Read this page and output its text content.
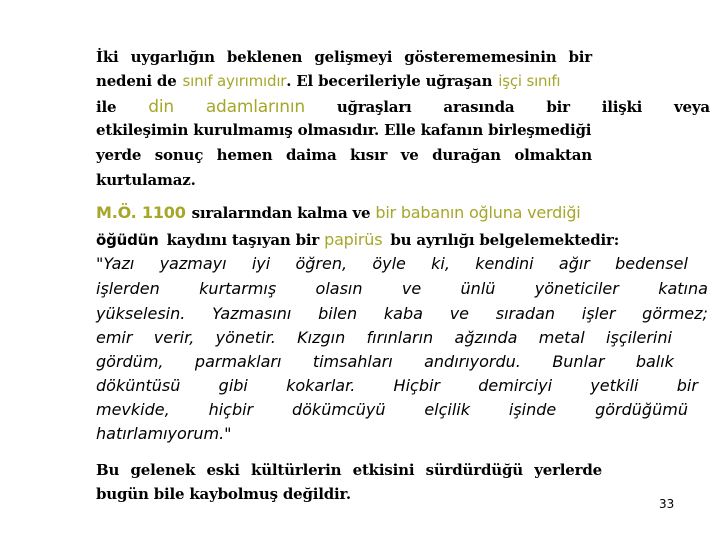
İki uygarlığın beklenen gelişmeyi gösterememesinin bir
nedeni de sınıf ayırımıdır . El becerileriyle uğraşan işçi sınıfı
ile din adamlarının uğraşları arasında bir ilişki veya
etkileşimin kurulmamış olmasıdır. Elle kafanın birleşmediği
yerde sonuç hemen daima kısır ve durağan olmaktan
kurtulamaz.
M.Ö. 1100 sıralarından kalma ve bir babanın oğluna verdiği
öğüdün kaydını taşıyan bir papirüs bu ayrılığı belgelemektedir:
"Yazı yazmayı iyi öğren, öyle ki, kendini ağır bedensel
işlerden kurtarmış olasın ve ünlü yöneticiler katına
yükselesin. Yazmasını bilen kaba ve sıradan işler görmez;
emir verir, yönetir. Kızgın fırınların ağzında metal işçilerini
gördüm, parmakları timsahları andırıyordu. Bunlar balık
döküntüsü gibi kokarlar. Hiçbir demirciyi yetkili bir
mevkide, hiçbir dökümcüyü elçilik işinde gördüğümü
hatırlamıyorum."
Bu gelenek eski kültürlerin etkisini sürdürdüğü yerlerde
bugün bile kaybolmuş değildir.
33
